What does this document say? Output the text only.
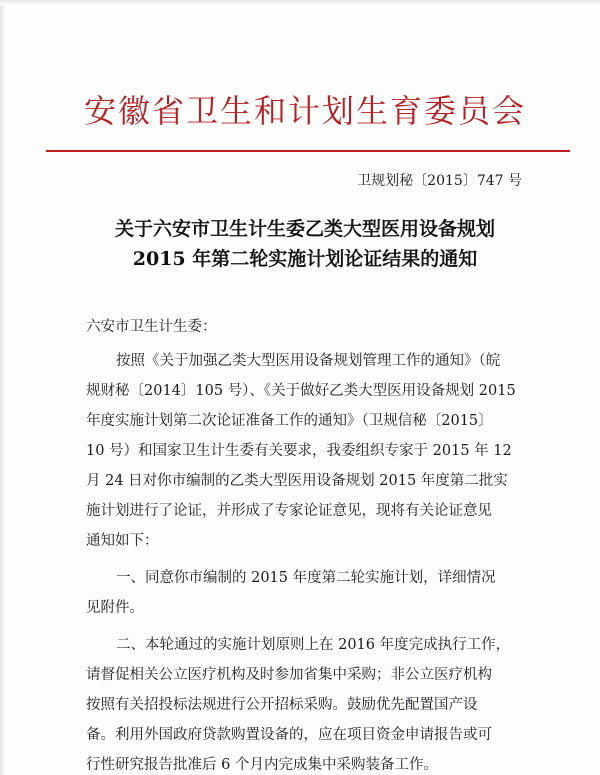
安徽省卫生和计划生育委员会
卫规划秘〔2015〕747 号
关于六安市卫生计生委乙类大型医用设备规划
2015 年第二轮实施计划论证结果的通知
六安市卫生计生委：
按照《关于加强乙类大型医用设备规划管理工作的通知》（皖
规财秘〔2014〕105 号）、《关于做好乙类大型医用设备规划 2015
年度实施计划第二次论证准备工作的通知》（卫规信秘〔2015〕
10 号）和国家卫生计生委有关要求，我委组织专家于 2015 年 12
月 24 日对你市编制的乙类大型医用设备规划 2015 年度第二批实
施计划进行了论证，并形成了专家论证意见，现将有关论证意见
通知如下：
一、同意你市编制的 2015 年度第二轮实施计划，详细情况
见附件。
二、本轮通过的实施计划原则上在 2016 年度完成执行工作，
请督促相关公立医疗机构及时参加省集中采购；非公立医疗机构
按照有关招投标法规进行公开招标采购。鼓励优先配置国产设
备。利用外国政府贷款购置设备的，应在项目资金申请报告或可
行性研究报告批准后 6 个月内完成集中采购装备工作。
